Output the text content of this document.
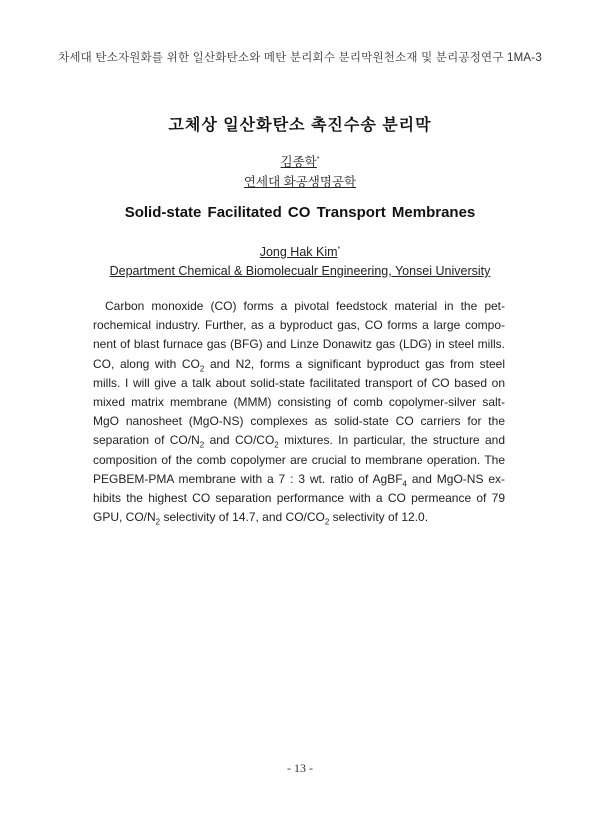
차세대 탄소자원화를 위한 일산화탄소와 메탄 분리회수 분리막원천소재 및 분리공정연구 1MA-3
고체상 일산화탄소 촉진수송 분리막
김종학*
연세대 화공생명공학
Solid-state Facilitated CO Transport Membranes
Jong Hak Kim*
Department Chemical & Biomolecualr Engineering, Yonsei University

Carbon monoxide (CO) forms a pivotal feedstock material in the pet-rochemical industry. Further, as a byproduct gas, CO forms a large compo-nent of blast furnace gas (BFG) and Linze Donawitz gas (LDG) in steel mills. CO, along with $CO_2$ and N2, forms a significant byproduct gas from steel mills. I will give a talk about solid-state facilitated transport of CO based on mixed matrix membrane (MMM) consisting of comb copolymer-silver salt-MgO nanosheet (MgO-NS) complexes as solid-state CO carriers for the separation of $CO/N_2$ and $CO/CO_2$ mixtures. In particular, the structure and composition of the comb copolymer are crucial to membrane operation. The PEGBEM-PMA membrane with a 7 : 3 wt. ratio of AgBF$_4$ and MgO-NS ex-hibits the highest CO separation performance with a CO permeance of 79 GPU, $CO/N_2$ selectivity of 14.7, and $CO/CO_2$ selectivity of 12.0.

- 13 -
